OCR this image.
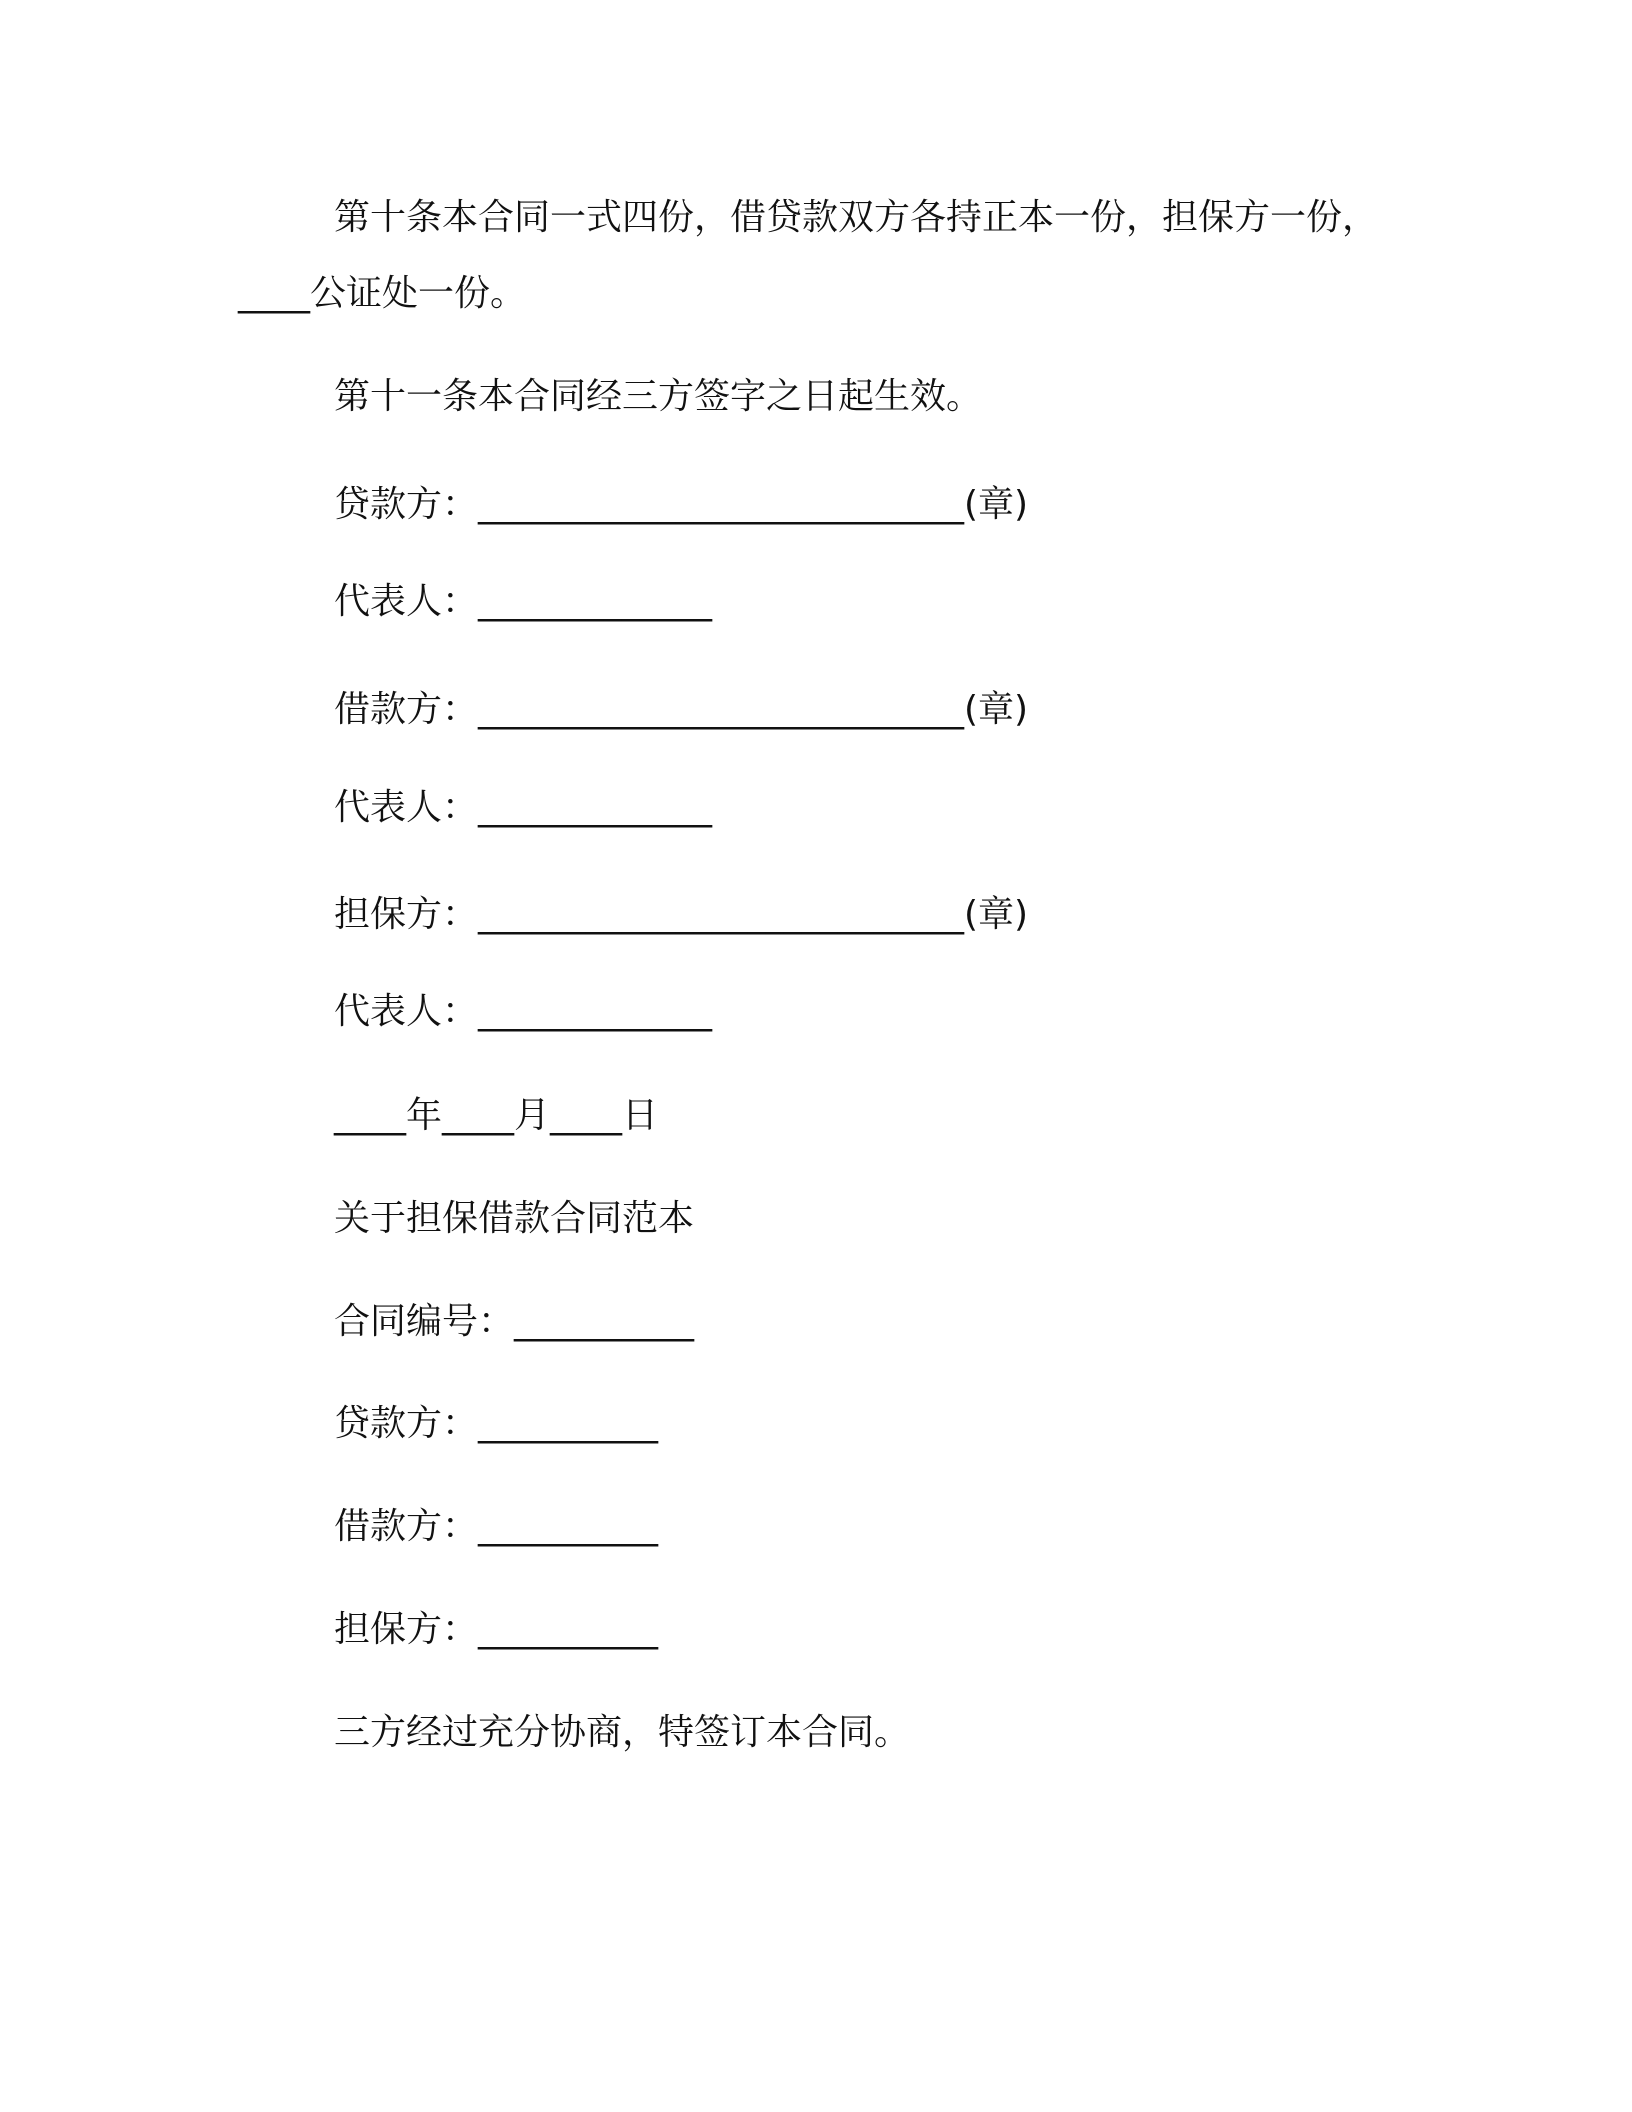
第十条本合同一式四份，借贷款双方各持正本一份，担保方一份，
____公证处一份。
第十一条本合同经三方签字之日起生效。
贷款方：___________________________(章)
代表人：_____________
借款方：___________________________(章)
代表人：_____________
担保方：___________________________(章)
代表人：_____________
____年____月____日
关于担保借款合同范本
合同编号：__________
贷款方：__________
借款方：__________
担保方：__________
三方经过充分协商，特签订本合同。
